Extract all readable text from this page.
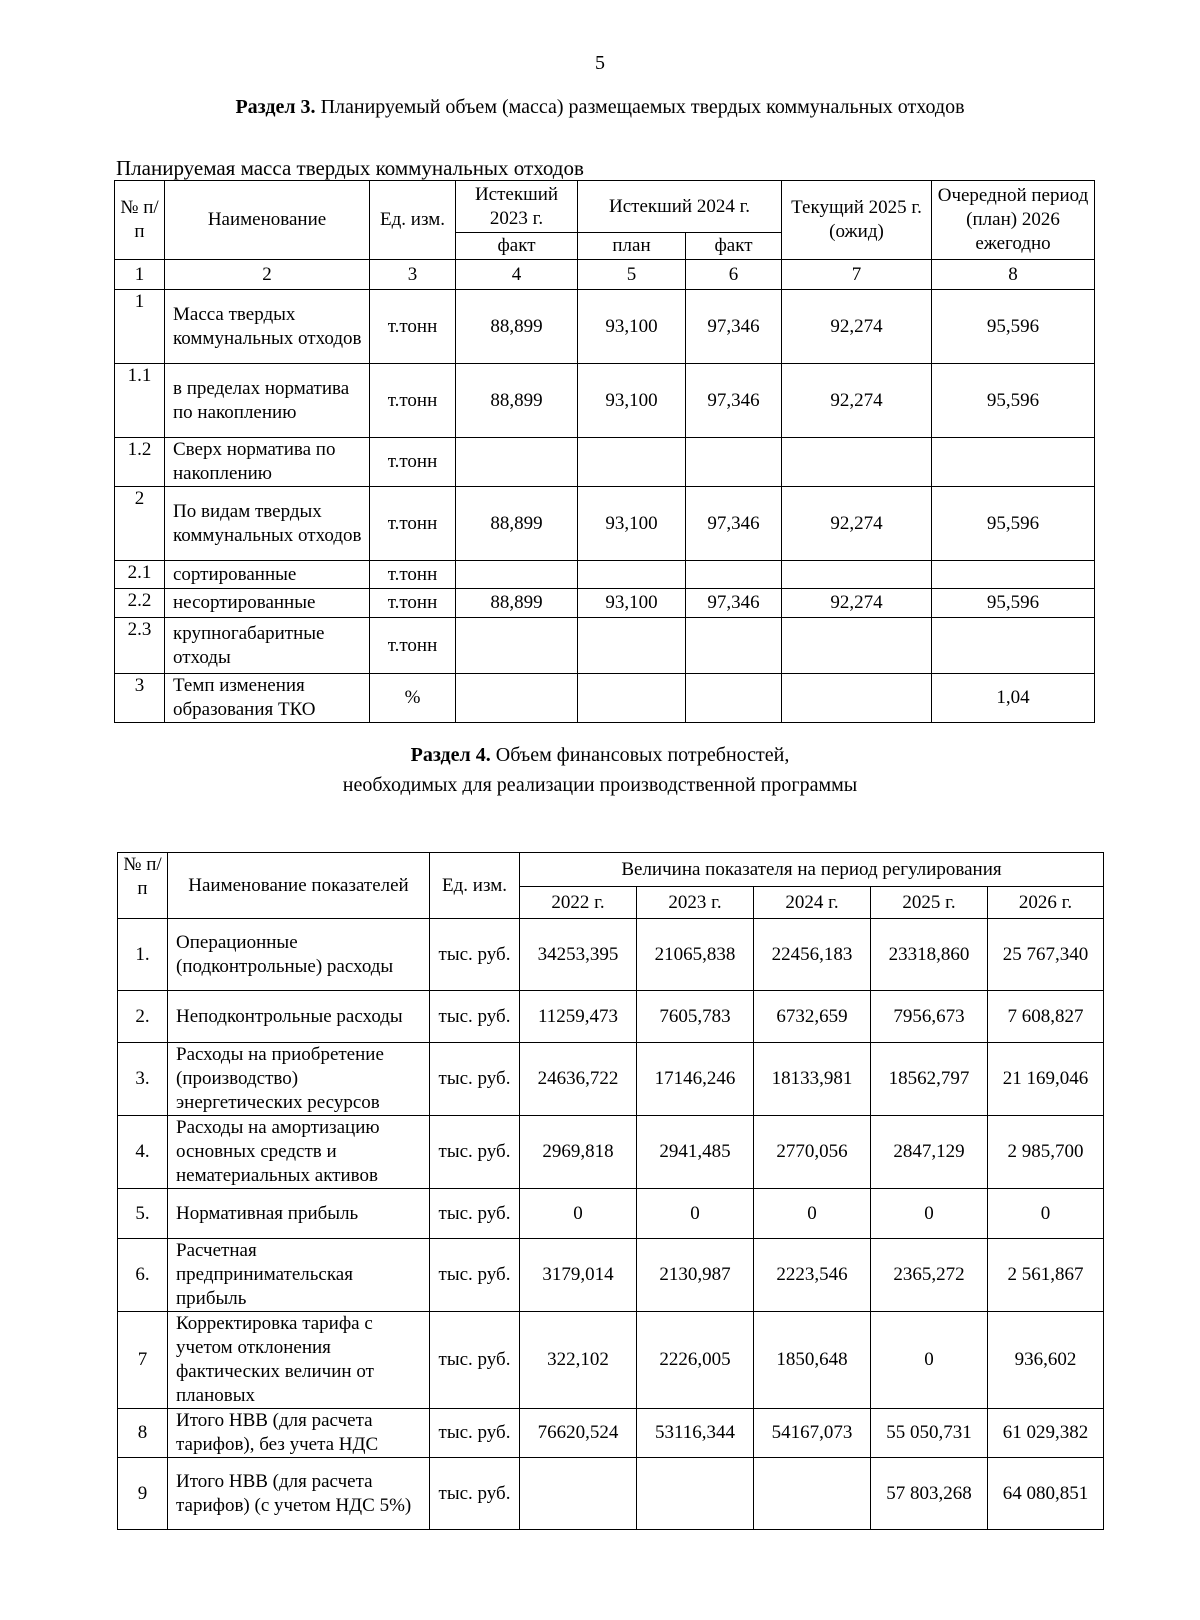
5
Раздел 3. Планируемый объем (масса) размещаемых твердых коммунальных отходов
Планируемая масса твердых коммунальных отходов
№ п/п	Наименование	Ед. изм.	Истекший 2023 г.	Истекший 2024 г.		Текущий 2025 г. (ожид)	Очередной период (план) 2026 ежегодно
			факт	план	факт		
1	2	3	4	5	6	7	8
1	Масса твердых коммунальных отходов	т.тонн	88,899	93,100	97,346	92,274	95,596
1.1	в пределах норматива по накоплению	т.тонн	88,899	93,100	97,346	92,274	95,596
1.2	Сверх норматива по накоплению	т.тонн					
2	По видам твердых коммунальных отходов	т.тонн	88,899	93,100	97,346	92,274	95,596
2.1	сортированные	т.тонн					
2.2	несортированные	т.тонн	88,899	93,100	97,346	92,274	95,596
2.3	крупногабаритные отходы	т.тонн					
3	Темп изменения образования ТКО	%					1,04
Раздел 4. Объем финансовых потребностей,
необходимых для реализации производственной программы
№ п/п	Наименование показателей	Ед. изм.	Величина показателя на период регулирования				
			2022 г.	2023 г.	2024 г.	2025 г.	2026 г.
1.	Операционные (подконтрольные) расходы	тыс. руб.	34253,395	21065,838	22456,183	23318,860	25 767,340
2.	Неподконтрольные расходы	тыс. руб.	11259,473	7605,783	6732,659	7956,673	7 608,827
3.	Расходы на приобретение (производство) энергетических ресурсов	тыс. руб.	24636,722	17146,246	18133,981	18562,797	21 169,046
4.	Расходы на амортизацию основных средств и нематериальных активов	тыс. руб.	2969,818	2941,485	2770,056	2847,129	2 985,700
5.	Нормативная прибыль	тыс. руб.	0	0	0	0	0
6.	Расчетная предпринимательская прибыль	тыс. руб.	3179,014	2130,987	2223,546	2365,272	2 561,867
7	Корректировка тарифа с учетом отклонения фактических величин от плановых	тыс. руб.	322,102	2226,005	1850,648	0	936,602
8	Итого НВВ (для расчета тарифов), без учета НДС	тыс. руб.	76620,524	53116,344	54167,073	55 050,731	61 029,382
9	Итого НВВ (для расчета тарифов) (с учетом НДС 5%)	тыс. руб.				57 803,268	64 080,851
